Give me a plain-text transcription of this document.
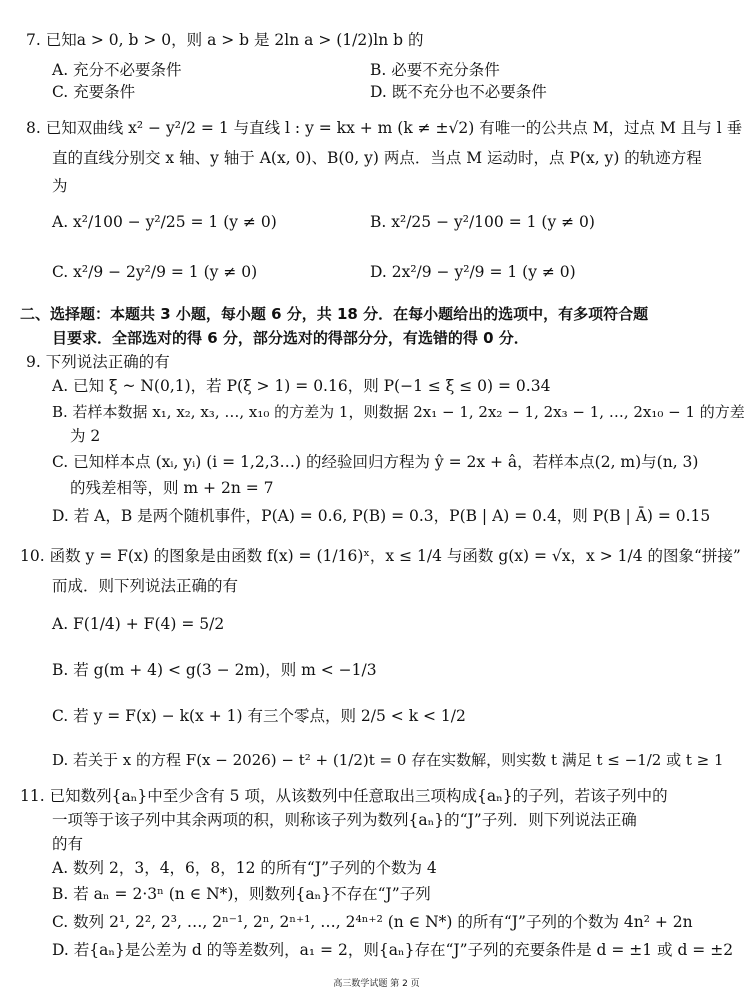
7. 已知a > 0, b > 0，则 a > b 是 2ln a > (1/2)ln b 的
A. 充分不必要条件	B. 必要不充分条件
C. 充要条件	D. 既不充分也不必要条件
8. 已知双曲线 x² − y²/2 = 1 与直线 l : y = kx + m (k ≠ ±√2) 有唯一的公共点 M，过点 M 且与 l 垂
直的直线分别交 x 轴、y 轴于 A(x, 0)、B(0, y) 两点．当点 M 运动时，点 P(x, y) 的轨迹方程
为
A. x²/100 − y²/25 = 1 (y ≠ 0)	B. x²/25 − y²/100 = 1 (y ≠ 0)
C. x²/9 − 2y²/9 = 1 (y ≠ 0)	D. 2x²/9 − y²/9 = 1 (y ≠ 0)
二、选择题：本题共 3 小题，每小题 6 分，共 18 分．在每小题给出的选项中，有多项符合题
目要求．全部选对的得 6 分，部分选对的得部分分，有选错的得 0 分．
9. 下列说法正确的有
A. 已知 ξ ~ N(0,1)，若 P(ξ > 1) = 0.16，则 P(−1 ≤ ξ ≤ 0) = 0.34
B. 若样本数据 x₁, x₂, x₃, …, x₁₀ 的方差为 1，则数据 2x₁ − 1, 2x₂ − 1, 2x₃ − 1, …, 2x₁₀ − 1 的方差
为 2
C. 已知样本点 (xᵢ, yᵢ) (i = 1,2,3…) 的经验回归方程为 ŷ = 2x + â，若样本点(2, m)与(n, 3)
的残差相等，则 m + 2n = 7
D. 若 A，B 是两个随机事件，P(A) = 0.6, P(B) = 0.3，P(B | A) = 0.4，则 P(B | Ā) = 0.15
10. 函数 y = F(x) 的图象是由函数 f(x) = (1/16)ˣ，x ≤ 1/4 与函数 g(x) = √x，x > 1/4 的图象“拼接”
而成．则下列说法正确的有
A. F(1/4) + F(4) = 5/2
B. 若 g(m + 4) < g(3 − 2m)，则 m < −1/3
C. 若 y = F(x) − k(x + 1) 有三个零点，则 2/5 < k < 1/2
D. 若关于 x 的方程 F(x − 2026) − t² + (1/2)t = 0 存在实数解，则实数 t 满足 t ≤ −1/2 或 t ≥ 1
11. 已知数列{aₙ}中至少含有 5 项，从该数列中任意取出三项构成{aₙ}的子列，若该子列中的
一项等于该子列中其余两项的积，则称该子列为数列{aₙ}的“J”子列．则下列说法正确
的有
A. 数列 2，3，4，6，8，12 的所有“J”子列的个数为 4
B. 若 aₙ = 2·3ⁿ (n ∈ N*)，则数列{aₙ}不存在“J”子列
C. 数列 2¹, 2², 2³, …, 2ⁿ⁻¹, 2ⁿ, 2ⁿ⁺¹, …, 2⁴ⁿ⁺² (n ∈ N*) 的所有“J”子列的个数为 4n² + 2n
D. 若{aₙ}是公差为 d 的等差数列，a₁ = 2，则{aₙ}存在“J”子列的充要条件是 d = ±1 或 d = ±2
高三数学试题 第 2 页
